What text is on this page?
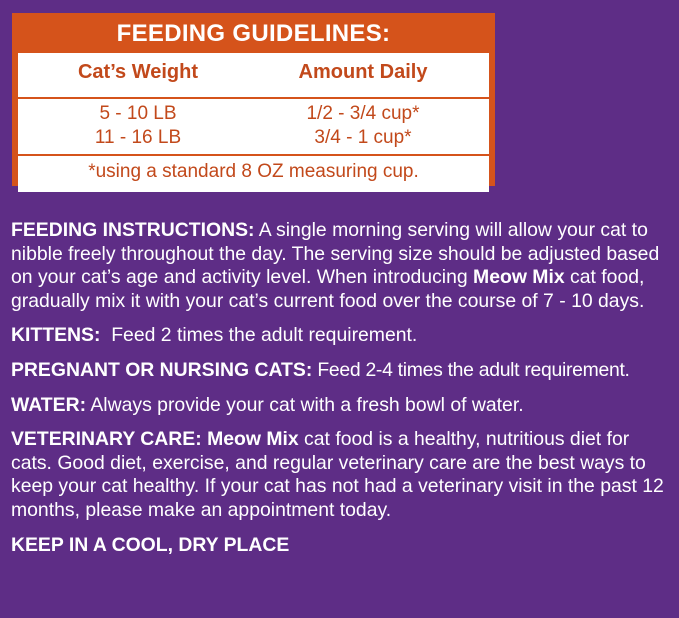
FEEDING GUIDELINES:
Cat’s Weight	Amount Daily
5 - 10 LB	1/2 - 3/4 cup*
11 - 16 LB	3/4 - 1 cup*
*using a standard 8 OZ measuring cup.

FEEDING INSTRUCTIONS: A single morning serving will allow your cat to nibble freely throughout the day. The serving size should be adjusted based on your cat’s age and activity level. When introducing Meow Mix cat food, gradually mix it with your cat’s current food over the course of 7 - 10 days.

KITTENS:  Feed 2 times the adult requirement.

PREGNANT OR NURSING CATS: Feed 2-4 times the adult requirement.

WATER: Always provide your cat with a fresh bowl of water.

VETERINARY CARE: Meow Mix cat food is a healthy, nutritious diet for cats. Good diet, exercise, and regular veterinary care are the best ways to keep your cat healthy. If your cat has not had a veterinary visit in the past 12 months, please make an appointment today.

KEEP IN A COOL, DRY PLACE
